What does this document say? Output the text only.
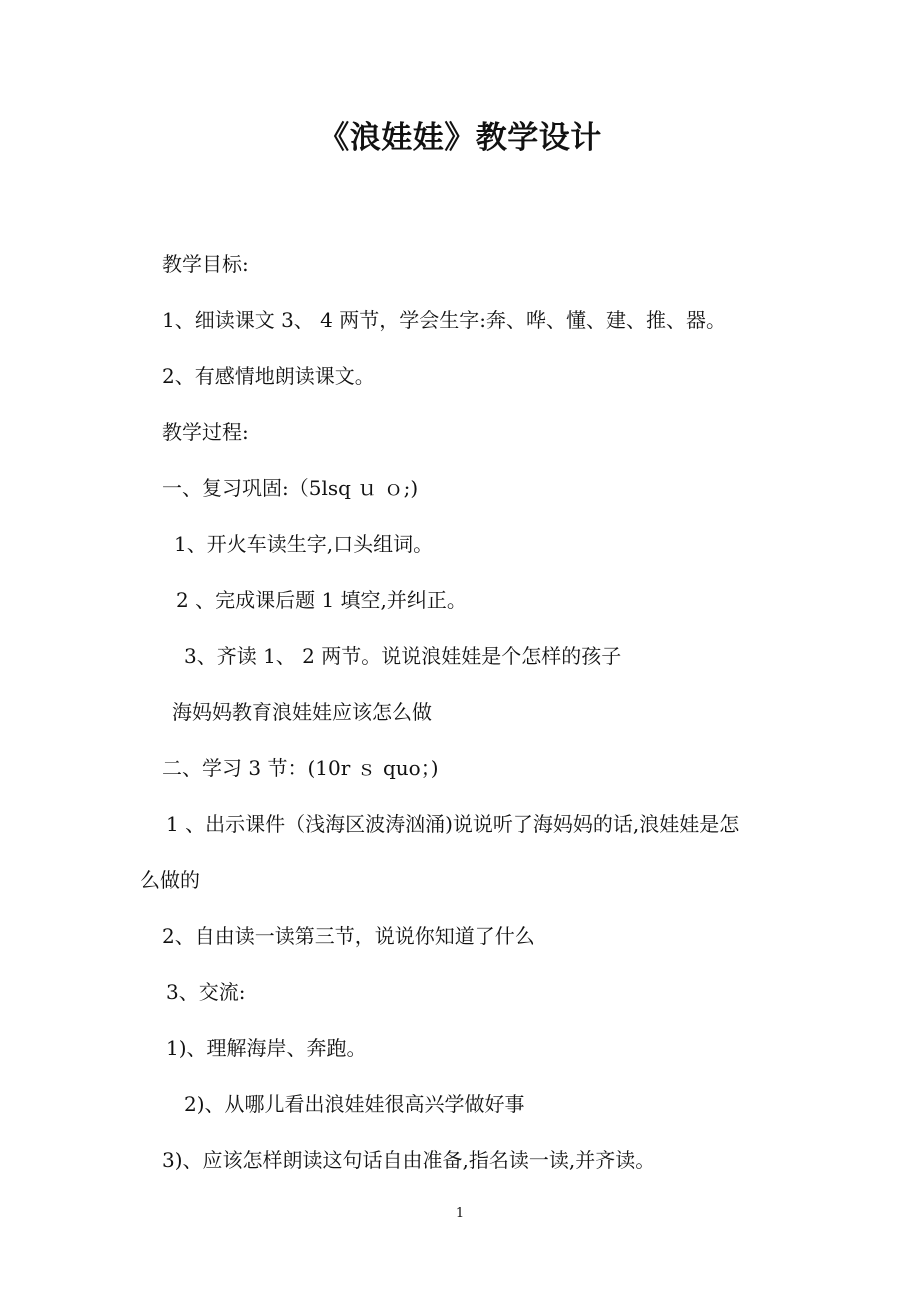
《浪娃娃》教学设计
教学目标:
1、细读课文 3、 4 两节，学会生字:奔、哗、懂、建、推、器。
2、有感情地朗读课文。
教学过程:
一、复习巩固:（5lsq ｕ ｏ;)
1、开火车读生字,口头组词。
2 、完成课后题 1 填空,并纠正。
3、齐读 1、 2 两节。说说浪娃娃是个怎样的孩子
海妈妈教育浪娃娃应该怎么做
二、学习 3 节：(10r ｓ quo；)
1 、出示课件（浅海区波涛汹涌)说说听了海妈妈的话,浪娃娃是怎
么做的
2、自由读一读第三节，说说你知道了什么
3、交流:
1)、理解海岸、奔跑。
2)、从哪儿看出浪娃娃很高兴学做好事
3)、应该怎样朗读这句话自由准备,指名读一读,并齐读。
1
